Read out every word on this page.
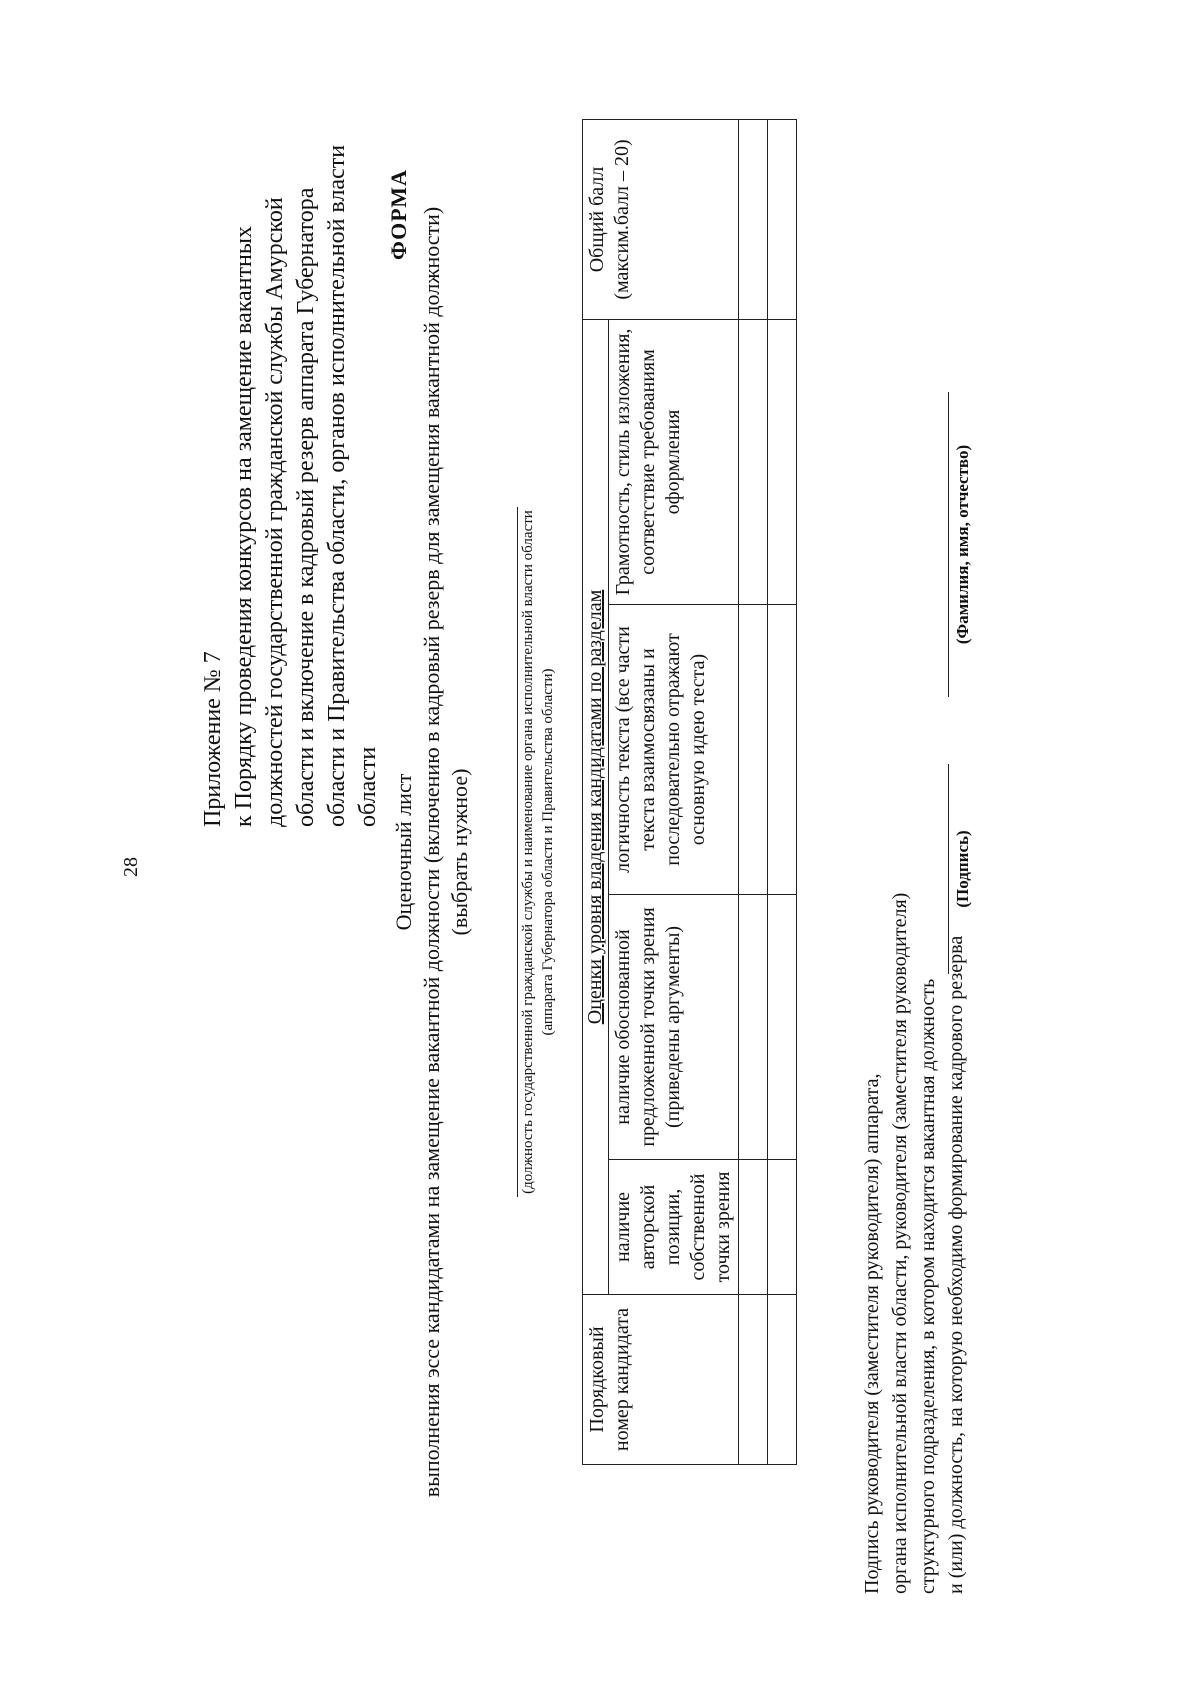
28
Приложение № 7 к Порядку проведения конкурсов на замещение вакантных должностей государственной гражданской службы Амурской области и включение в кадровый резерв аппарата Губернатора области и Правительства области, органов исполнительной власти области
ФОРМА
Оценочный лист выполнения эссе кандидатами на замещение вакантной должности (включению в кадровый резерв для замещения вакантной должности) (выбрать нужное)	(должность государственной гражданской службы и наименование органа исполнительной власти области (аппарата Губернатора области и Правительства области)
Порядковый номер кандидата	Оценки уровня владения кандидатами по разделам				Общий балл (максим.балл – 20)
	наличие авторской позиции, собственной точки зрения	наличие обоснованной предложенной точки зрения (приведены аргументы)	логичность текста (все части текста взаимосвязаны и последовательно отражают основную идею теста)	Грамотность, стиль изложения, соответствие требованиям оформления	

Подпись руководителя (заместителя руководителя) аппарата, органа исполнительной власти области, руководителя (заместителя руководителя) структурного подразделения, в котором находится вакантная должность и (или) должность, на которую необходимо формирование кадрового резерва
(Подпись)
(Фамилия, имя, отчество)
